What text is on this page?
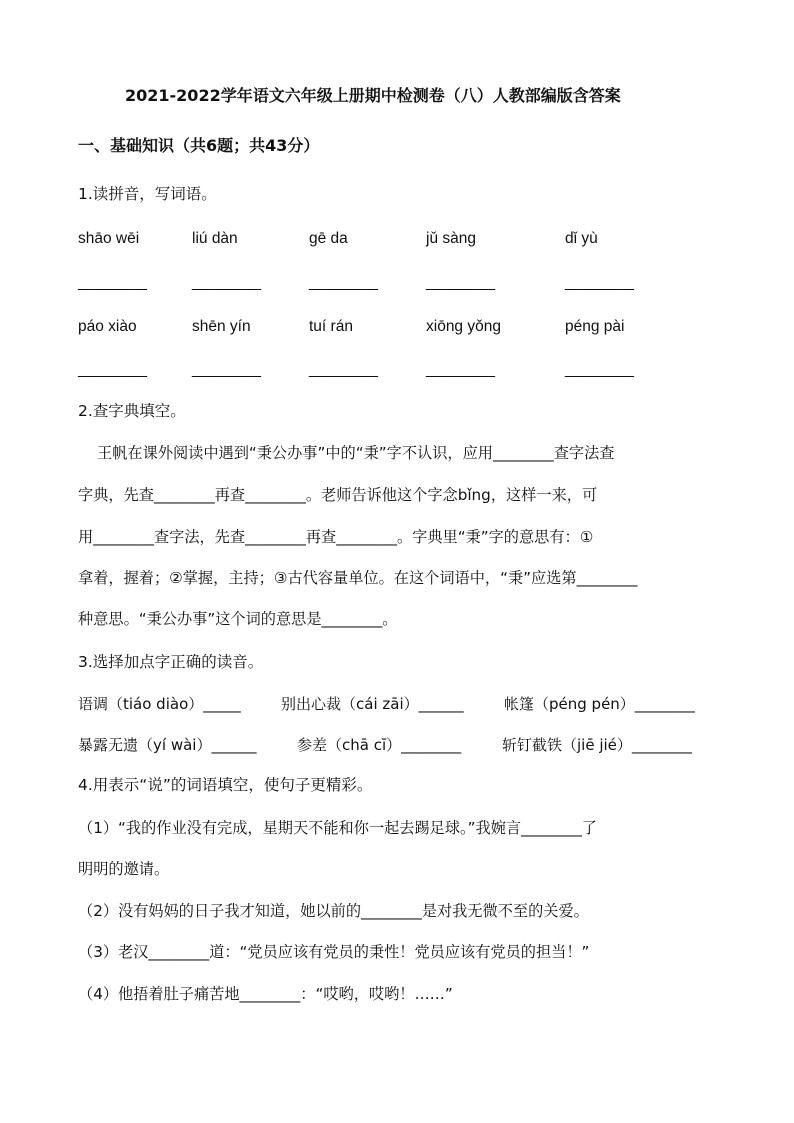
2021-2022学年语文六年级上册期中检测卷（八）人教部编版含答案
一、基础知识（共6题；共43分）
1.读拼音，写词语。
shāo wēi	liú dàn	gē da	jǔ sàng	dǐ yù
________	________	________	________	________
páo xiào	shēn yín	tuí rán	xiōng yǒng	péng pài
________	________	________	________	________
2.查字典填空。
王帆在课外阅读中遇到“秉公办事”中的“秉”字不认识，应用________查字法查
字典，先查________再查________。老师告诉他这个字念bǐng，这样一来，可
用________查字法，先查________再查________。字典里“秉”字的意思有：①
拿着，握着；②掌握，主持；③古代容量单位。在这个词语中，“秉”应选第________
种意思。“秉公办事”这个词的意思是________。
3.选择加点字正确的读音。
语调（tiáo diào）_____	别出心裁（cái zāi）______	帐篷（péng pén）________
暴露无遗（yí wài）______	参差（chā cī）________	斩钉截铁（jiē jié）________
4.用表示“说”的词语填空，使句子更精彩。
（1）“我的作业没有完成，星期天不能和你一起去踢足球。”我婉言________了
明明的邀请。
（2）没有妈妈的日子我才知道，她以前的________是对我无微不至的关爱。
（3）老汉________道：“党员应该有党员的秉性！党员应该有党员的担当！”
（4）他捂着肚子痛苦地________：“哎哟，哎哟！……”
